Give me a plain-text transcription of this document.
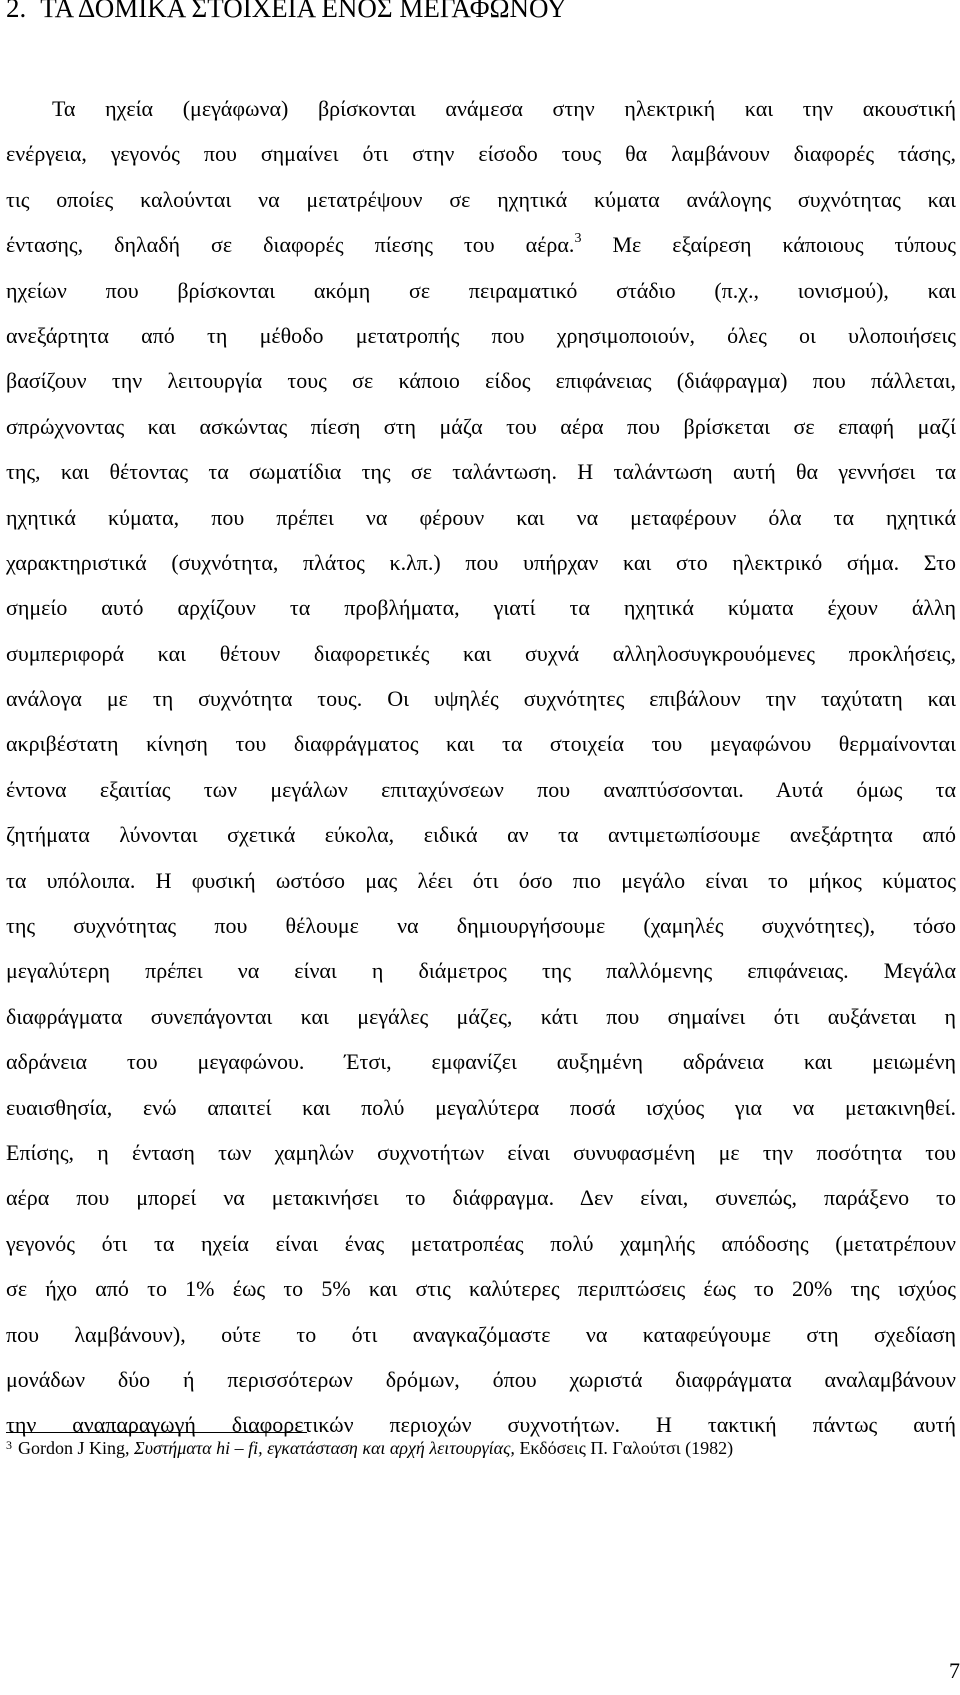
2. ΤΑ ΔΟΜΙΚΑ ΣΤΟΙΧΕΙΑ ΕΝΟΣ ΜΕΓΑΦΩΝΟΥ
Τα ηχεία (μεγάφωνα) βρίσκονται ανάμεσα στην ηλεκτρική και την ακουστική
ενέργεια, γεγονός που σημαίνει ότι στην είσοδο τους θα λαμβάνουν διαφορές τάσης,
τις οποίες καλούνται να μετατρέψουν σε ηχητικά κύματα ανάλογης συχνότητας και
έντασης, δηλαδή σε διαφορές πίεσης του αέρα.$^3$ Με εξαίρεση κάποιους τύπους
ηχείων που βρίσκονται ακόμη σε πειραματικό στάδιο (π.χ., ιονισμού), και
ανεξάρτητα από τη μέθοδο μετατροπής που χρησιμοποιούν, όλες οι υλοποιήσεις
βασίζουν την λειτουργία τους σε κάποιο είδος επιφάνειας (διάφραγμα) που πάλλεται,
σπρώχνοντας και ασκώντας πίεση στη μάζα του αέρα που βρίσκεται σε επαφή μαζί
της, και θέτοντας τα σωματίδια της σε ταλάντωση. Η ταλάντωση αυτή θα γεννήσει τα
ηχητικά κύματα, που πρέπει να φέρουν και να μεταφέρουν όλα τα ηχητικά
χαρακτηριστικά (συχνότητα, πλάτος κ.λπ.) που υπήρχαν και στο ηλεκτρικό σήμα. Στο
σημείο αυτό αρχίζουν τα προβλήματα, γιατί τα ηχητικά κύματα έχουν άλλη
συμπεριφορά και θέτουν διαφορετικές και συχνά αλληλοσυγκρουόμενες προκλήσεις,
ανάλογα με τη συχνότητα τους. Οι υψηλές συχνότητες επιβάλουν την ταχύτατη και
ακριβέστατη κίνηση του διαφράγματος και τα στοιχεία του μεγαφώνου θερμαίνονται
έντονα εξαιτίας των μεγάλων επιταχύνσεων που αναπτύσσονται. Αυτά όμως τα
ζητήματα λύνονται σχετικά εύκολα, ειδικά αν τα αντιμετωπίσουμε ανεξάρτητα από
τα υπόλοιπα. Η φυσική ωστόσο μας λέει ότι όσο πιο μεγάλο είναι το μήκος κύματος
της συχνότητας που θέλουμε να δημιουργήσουμε (χαμηλές συχνότητες), τόσο
μεγαλύτερη πρέπει να είναι η διάμετρος της παλλόμενης επιφάνειας. Μεγάλα
διαφράγματα συνεπάγονται και μεγάλες μάζες, κάτι που σημαίνει ότι αυξάνεται η
αδράνεια του μεγαφώνου. Έτσι, εμφανίζει αυξημένη αδράνεια και μειωμένη
ευαισθησία, ενώ απαιτεί και πολύ μεγαλύτερα ποσά ισχύος για να μετακινηθεί.
Επίσης, η ένταση των χαμηλών συχνοτήτων είναι συνυφασμένη με την ποσότητα του
αέρα που μπορεί να μετακινήσει το διάφραγμα. Δεν είναι, συνεπώς, παράξενο το
γεγονός ότι τα ηχεία είναι ένας μετατροπέας πολύ χαμηλής απόδοσης (μετατρέπουν
σε ήχο από το 1% έως το 5% και στις καλύτερες περιπτώσεις έως το 20% της ισχύος
που λαμβάνουν), ούτε το ότι αναγκαζόμαστε να καταφεύγουμε στη σχεδίαση
μονάδων δύο ή περισσότερων δρόμων, όπου χωριστά διαφράγματα αναλαμβάνουν
την αναπαραγωγή διαφορετικών περιοχών συχνοτήτων. Η τακτική πάντως αυτή
$^3$ Gordon J King, Συστήματα hi – fi, εγκατάσταση και αρχή λειτουργίας, Εκδόσεις Π. Γαλούτσι (1982)
7
